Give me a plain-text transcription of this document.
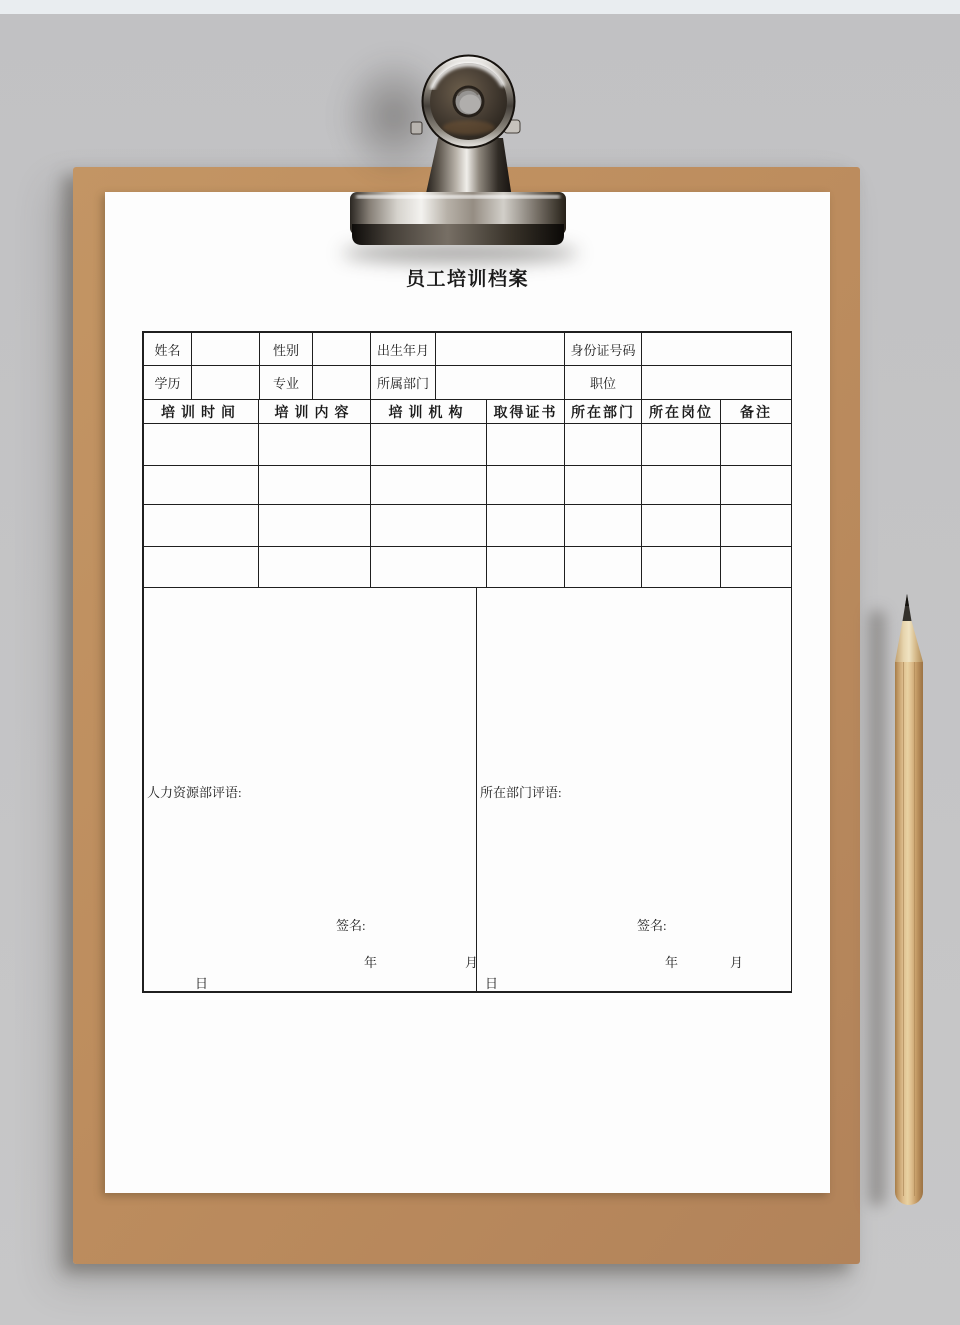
员工培训档案
姓名		性别		出生年月		身份证号码	
学历		专业		所属部门		职位	
培训时间	培训内容	培训机构	取得证书	所在部门	所在岗位	备注

人力资源部评语:
签名:
年	月
日

所在部门评语:
签名:
年	月
日
